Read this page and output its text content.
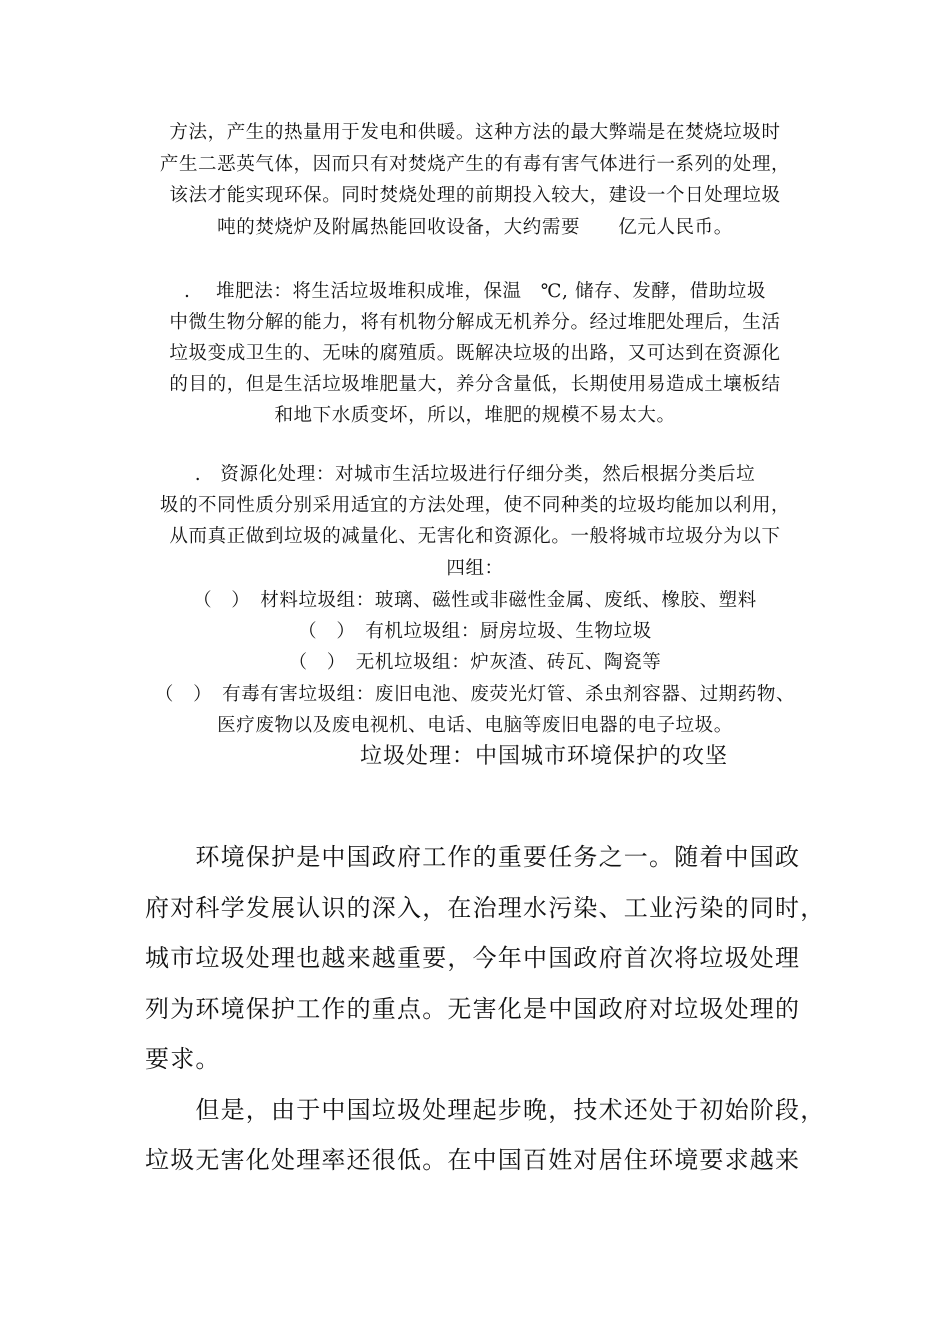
方法，产生的热量用于发电和供暖。这种方法的最大弊端是在焚烧垃圾时
产生二恶英气体，因而只有对焚烧产生的有毒有害气体进行一系列的处理，
该法才能实现环保。同时焚烧处理的前期投入较大，建设一个日处理垃圾
吨的焚烧炉及附属热能回收设备，大约需要　　亿元人民币。
.　 堆肥法：将生活垃圾堆积成堆，保温　℃, 储存、发酵，借助垃圾
中微生物分解的能力，将有机物分解成无机养分。经过堆肥处理后，生活
垃圾变成卫生的、无味的腐殖质。既解决垃圾的出路，又可达到在资源化
的目的，但是生活垃圾堆肥量大，养分含量低，长期使用易造成土壤板结
和地下水质变坏，所以，堆肥的规模不易太大。
.　资源化处理：对城市生活垃圾进行仔细分类，然后根据分类后垃
圾的不同性质分别采用适宜的方法处理，使不同种类的垃圾均能加以利用，
从而真正做到垃圾的减量化、无害化和资源化。一般将城市垃圾分为以下
四组：
（　）　材料垃圾组：玻璃、磁性或非磁性金属、废纸、橡胶、塑料
（　）　有机垃圾组：厨房垃圾、生物垃圾
（　）　无机垃圾组：炉灰渣、砖瓦、陶瓷等
（　）　有毒有害垃圾组：废旧电池、废荧光灯管、杀虫剂容器、过期药物、
医疗废物以及废电视机、电话、电脑等废旧电器的电子垃圾。
垃圾处理：中国城市环境保护的攻坚
　　环境保护是中国政府工作的重要任务之一。随着中国政
府对科学发展认识的深入，在治理水污染、工业污染的同时，
城市垃圾处理也越来越重要，今年中国政府首次将垃圾处理
列为环境保护工作的重点。无害化是中国政府对垃圾处理的
要求。
　　但是，由于中国垃圾处理起步晚，技术还处于初始阶段，
垃圾无害化处理率还很低。在中国百姓对居住环境要求越来
